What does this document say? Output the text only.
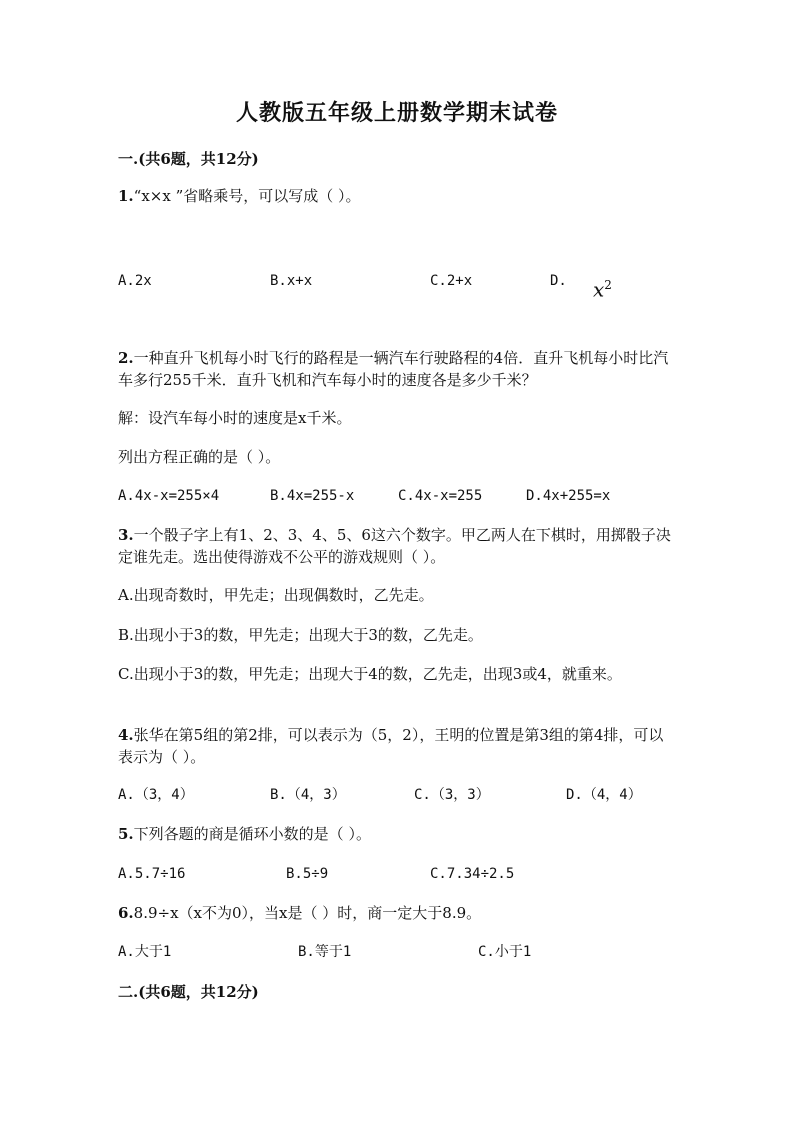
人教版五年级上册数学期末试卷
一.(共6题，共12分)
1.“x×x ”省略乘号，可以写成（ ）。
A.2x	B.x+x	C.2+x	D. $x^2$
2.一种直升飞机每小时飞行的路程是一辆汽车行驶路程的4倍．直升飞机每小时比汽车多行255千米．直升飞机和汽车每小时的速度各是多少千米？
解：设汽车每小时的速度是x千米。
列出方程正确的是（ ）。
A.4x-x=255×4	B.4x=255-x	C.4x-x=255	D.4x+255=x
3.一个骰子字上有1、2、3、4、5、6这六个数字。甲乙两人在下棋时，用掷骰子决定谁先走。选出使得游戏不公平的游戏规则（ ）。
A.出现奇数时，甲先走；出现偶数时，乙先走。
B.出现小于3的数，甲先走；出现大于3的数，乙先走。
C.出现小于3的数，甲先走；出现大于4的数，乙先走，出现3或4，就重来。
4.张华在第5组的第2排，可以表示为（5，2），王明的位置是第3组的第4排，可以表示为（ ）。
A.（3，4）	B.（4，3）	C.（3，3）	D.（4，4）
5.下列各题的商是循环小数的是（ ）。
A.5.7÷16	B.5÷9	C.7.34÷2.5
6.8.9÷x（x不为0），当x是（ ）时，商一定大于8.9。
A.大于1	B.等于1	C.小于1
二.(共6题，共12分)
